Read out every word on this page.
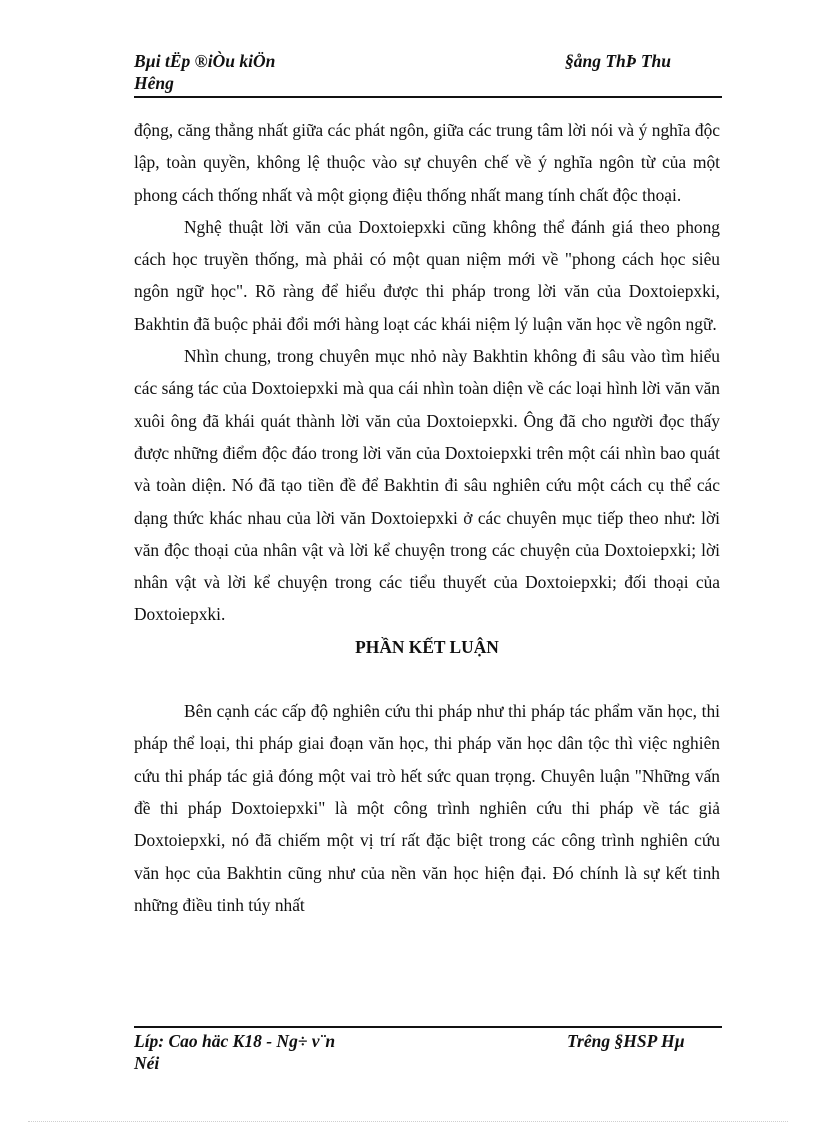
Bµi tËp ®iÒu kiÖn
Hêng
§ång ThÞ Thu

động, căng thẳng nhất giữa các phát ngôn, giữa các trung tâm lời nói và ý nghĩa độc lập, toàn quyền, không lệ thuộc vào sự chuyên chế về ý nghĩa ngôn từ của một phong cách thống nhất và một giọng điệu thống nhất mang tính chất độc thoại.

Nghệ thuật lời văn của Doxtoiepxki cũng không thể đánh giá theo phong cách học truyền thống, mà phải có một quan niệm mới về "phong cách học siêu ngôn ngữ học". Rõ ràng để hiểu được thi pháp trong lời văn của Doxtoiepxki, Bakhtin đã buộc phải đổi mới hàng loạt các khái niệm lý luận văn học về ngôn ngữ.

Nhìn chung, trong chuyên mục nhỏ này Bakhtin không đi sâu vào tìm hiểu các sáng tác của Doxtoiepxki mà qua cái nhìn toàn diện về các loại hình lời văn văn xuôi ông đã khái quát thành lời văn của Doxtoiepxki. Ông đã cho người đọc thấy được những điểm độc đáo trong lời văn của Doxtoiepxki trên một cái nhìn bao quát và toàn diện. Nó đã tạo tiền đề để Bakhtin đi sâu nghiên cứu một cách cụ thể các dạng thức khác nhau của lời văn Doxtoiepxki ở các chuyên mục tiếp theo như: lời văn độc thoại của nhân vật và lời kể chuyện trong các chuyện của Doxtoiepxki; lời nhân vật và lời kể chuyện trong các tiểu thuyết của Doxtoiepxki; đối thoại của Doxtoiepxki.

PHẦN KẾT LUẬN

Bên cạnh các cấp độ nghiên cứu thi pháp như thi pháp tác phẩm văn học, thi pháp thể loại, thi pháp giai đoạn văn học, thi pháp văn học dân tộc thì việc nghiên cứu thi pháp tác giả đóng một vai trò hết sức quan trọng. Chuyên luận "Những vấn đề thi pháp Doxtoiepxki" là một công trình nghiên cứu thi pháp về tác giả Doxtoiepxki, nó đã chiếm một vị trí rất đặc biệt trong các công trình nghiên cứu văn học của Bakhtin cũng như của nền văn học hiện đại. Đó chính là sự kết tinh những điều tinh túy nhất

Líp: Cao häc K18 - Ng÷ v¨n
Néi
Trêng §HSP Hµ
